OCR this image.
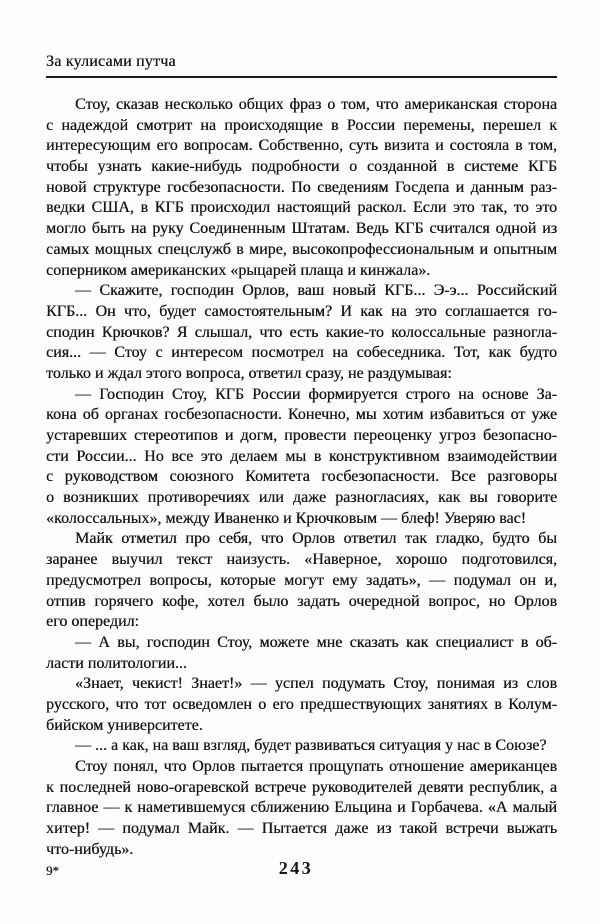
За кулисами путча
Стоу, сказав несколько общих фраз о том, что американская сторона
с надеждой смотрит на происходящие в России перемены, перешел к
интересующим его вопросам. Собственно, суть визита и состояла в том,
чтобы узнать какие-нибудь подробности о созданной в системе КГБ
новой структуре госбезопасности. По сведениям Госдепа и данным раз-
ведки США, в КГБ происходил настоящий раскол. Если это так, то это
могло быть на руку Соединенным Штатам. Ведь КГБ считался одной из
самых мощных спецслужб в мире, высокопрофессиональным и опытным
соперником американских «рыцарей плаща и кинжала».
— Скажите, господин Орлов, ваш новый КГБ... Э-э... Российский
КГБ... Он что, будет самостоятельным? И как на это соглашается го-
сподин Крючков? Я слышал, что есть какие-то колоссальные разногла-
сия... — Стоу с интересом посмотрел на собеседника. Тот, как будто
только и ждал этого вопроса, ответил сразу, не раздумывая:
— Господин Стоу, КГБ России формируется строго на основе За-
кона об органах госбезопасности. Конечно, мы хотим избавиться от уже
устаревших стереотипов и догм, провести переоценку угроз безопасно-
сти России... Но все это делаем мы в конструктивном взаимодействии
с руководством союзного Комитета госбезопасности. Все разговоры
о возникших противоречиях или даже разногласиях, как вы говорите
«колоссальных», между Иваненко и Крючковым — блеф! Уверяю вас!
Майк отметил про себя, что Орлов ответил так гладко, будто бы
заранее выучил текст наизусть. «Наверное, хорошо подготовился,
предусмотрел вопросы, которые могут ему задать», — подумал он и,
отпив горячего кофе, хотел было задать очередной вопрос, но Орлов
его опередил:
— А вы, господин Стоу, можете мне сказать как специалист в об-
ласти политологии...
«Знает, чекист! Знает!» — успел подумать Стоу, понимая из слов
русского, что тот осведомлен о его предшествующих занятиях в Колум-
бийском университете.
— ... а как, на ваш взгляд, будет развиваться ситуация у нас в Союзе?
Стоу понял, что Орлов пытается прощупать отношение американцев
к последней ново-огаревской встрече руководителей девяти республик, а
главное — к наметившемуся сближению Ельцина и Горбачева. «А малый
хитер! — подумал Майк. — Пытается даже из такой встречи выжать
что-нибудь».
9*	243
